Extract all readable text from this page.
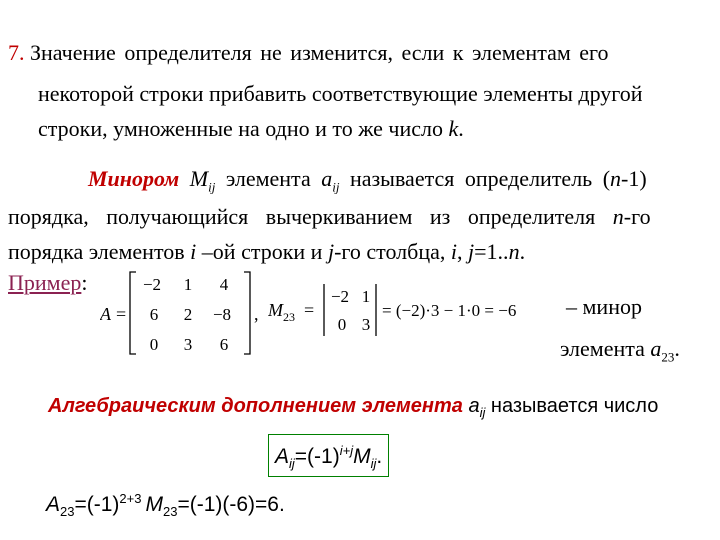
7. Значение определителя не изменится, если к элементам его
некоторой строки прибавить соответствующие элементы другой
строки, умноженные на одно и то же число k.
Минором $M_{ij}$ элемента $a_{ij}$ называется определитель (n-1)
порядка, получающийся вычеркиванием из определителя n-го
порядка элементов i –ой строки и j-го столбца, i, j=1..n.
Пример:
A =
−2 1 4
6 2 −8
0 3 6
, $M_{23}$ =
−2 1
0 3
= (−2)·3 − 1·0 = −6 – минор
элемента $a_{23}$.
Алгебраическим дополнением элемента $a_{ij}$ называется число
$A_{ij}=(-1)^{i+j}M_{ij}$.
$A_{23}=(-1)^{2+3}$ $M_{23}=(-1)(-6)=6$.
